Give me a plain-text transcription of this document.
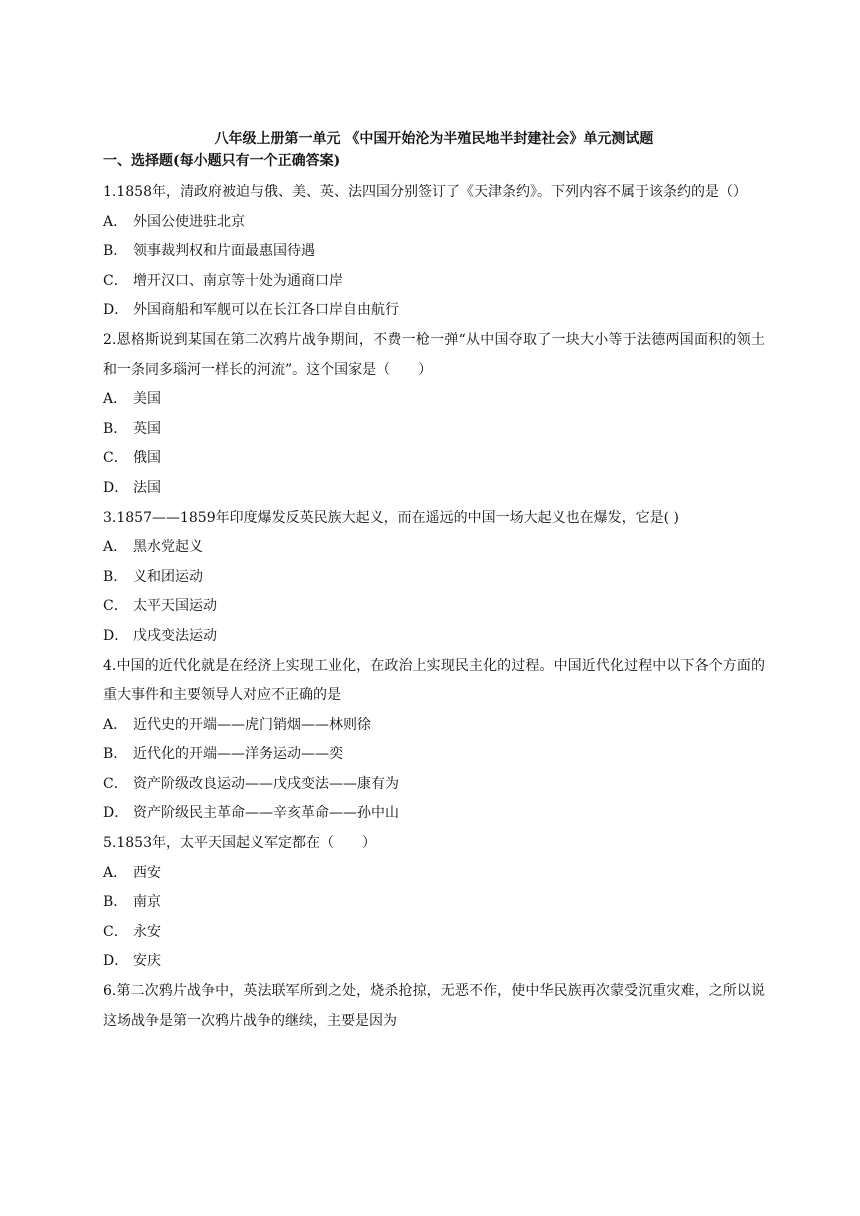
八年级上册第一单元 《中国开始沦为半殖民地半封建社会》单元测试题
一、选择题(每小题只有一个正确答案)
1.1858年，清政府被迫与俄、美、英、法四国分别签订了《天津条约》。下列内容不属于该条约的是（）
A． 外国公使进驻北京
B． 领事裁判权和片面最惠国待遇
C． 增开汉口、南京等十处为通商口岸
D． 外国商船和军舰可以在长江各口岸自由航行
2.恩格斯说到某国在第二次鸦片战争期间，不费一枪一弹“从中国夺取了一块大小等于法德两国面积的领土和一条同多瑙河一样长的河流”。这个国家是（　　）
A． 美国
B． 英国
C． 俄国
D． 法国
3.1857——1859年印度爆发反英民族大起义，而在遥远的中国一场大起义也在爆发，它是( )
A． 黑水党起义
B． 义和团运动
C． 太平天国运动
D． 戊戌变法运动
4.中国的近代化就是在经济上实现工业化，在政治上实现民主化的过程。中国近代化过程中以下各个方面的重大事件和主要领导人对应不正确的是
A． 近代史的开端——虎门销烟——林则徐
B． 近代化的开端——洋务运动——奕
C． 资产阶级改良运动——戊戌变法——康有为
D． 资产阶级民主革命——辛亥革命——孙中山
5.1853年，太平天国起义军定都在（　　）
A． 西安
B． 南京
C． 永安
D． 安庆
6.第二次鸦片战争中，英法联军所到之处，烧杀抢掠，无恶不作，使中华民族再次蒙受沉重灾难，之所以说这场战争是第一次鸦片战争的继续，主要是因为
